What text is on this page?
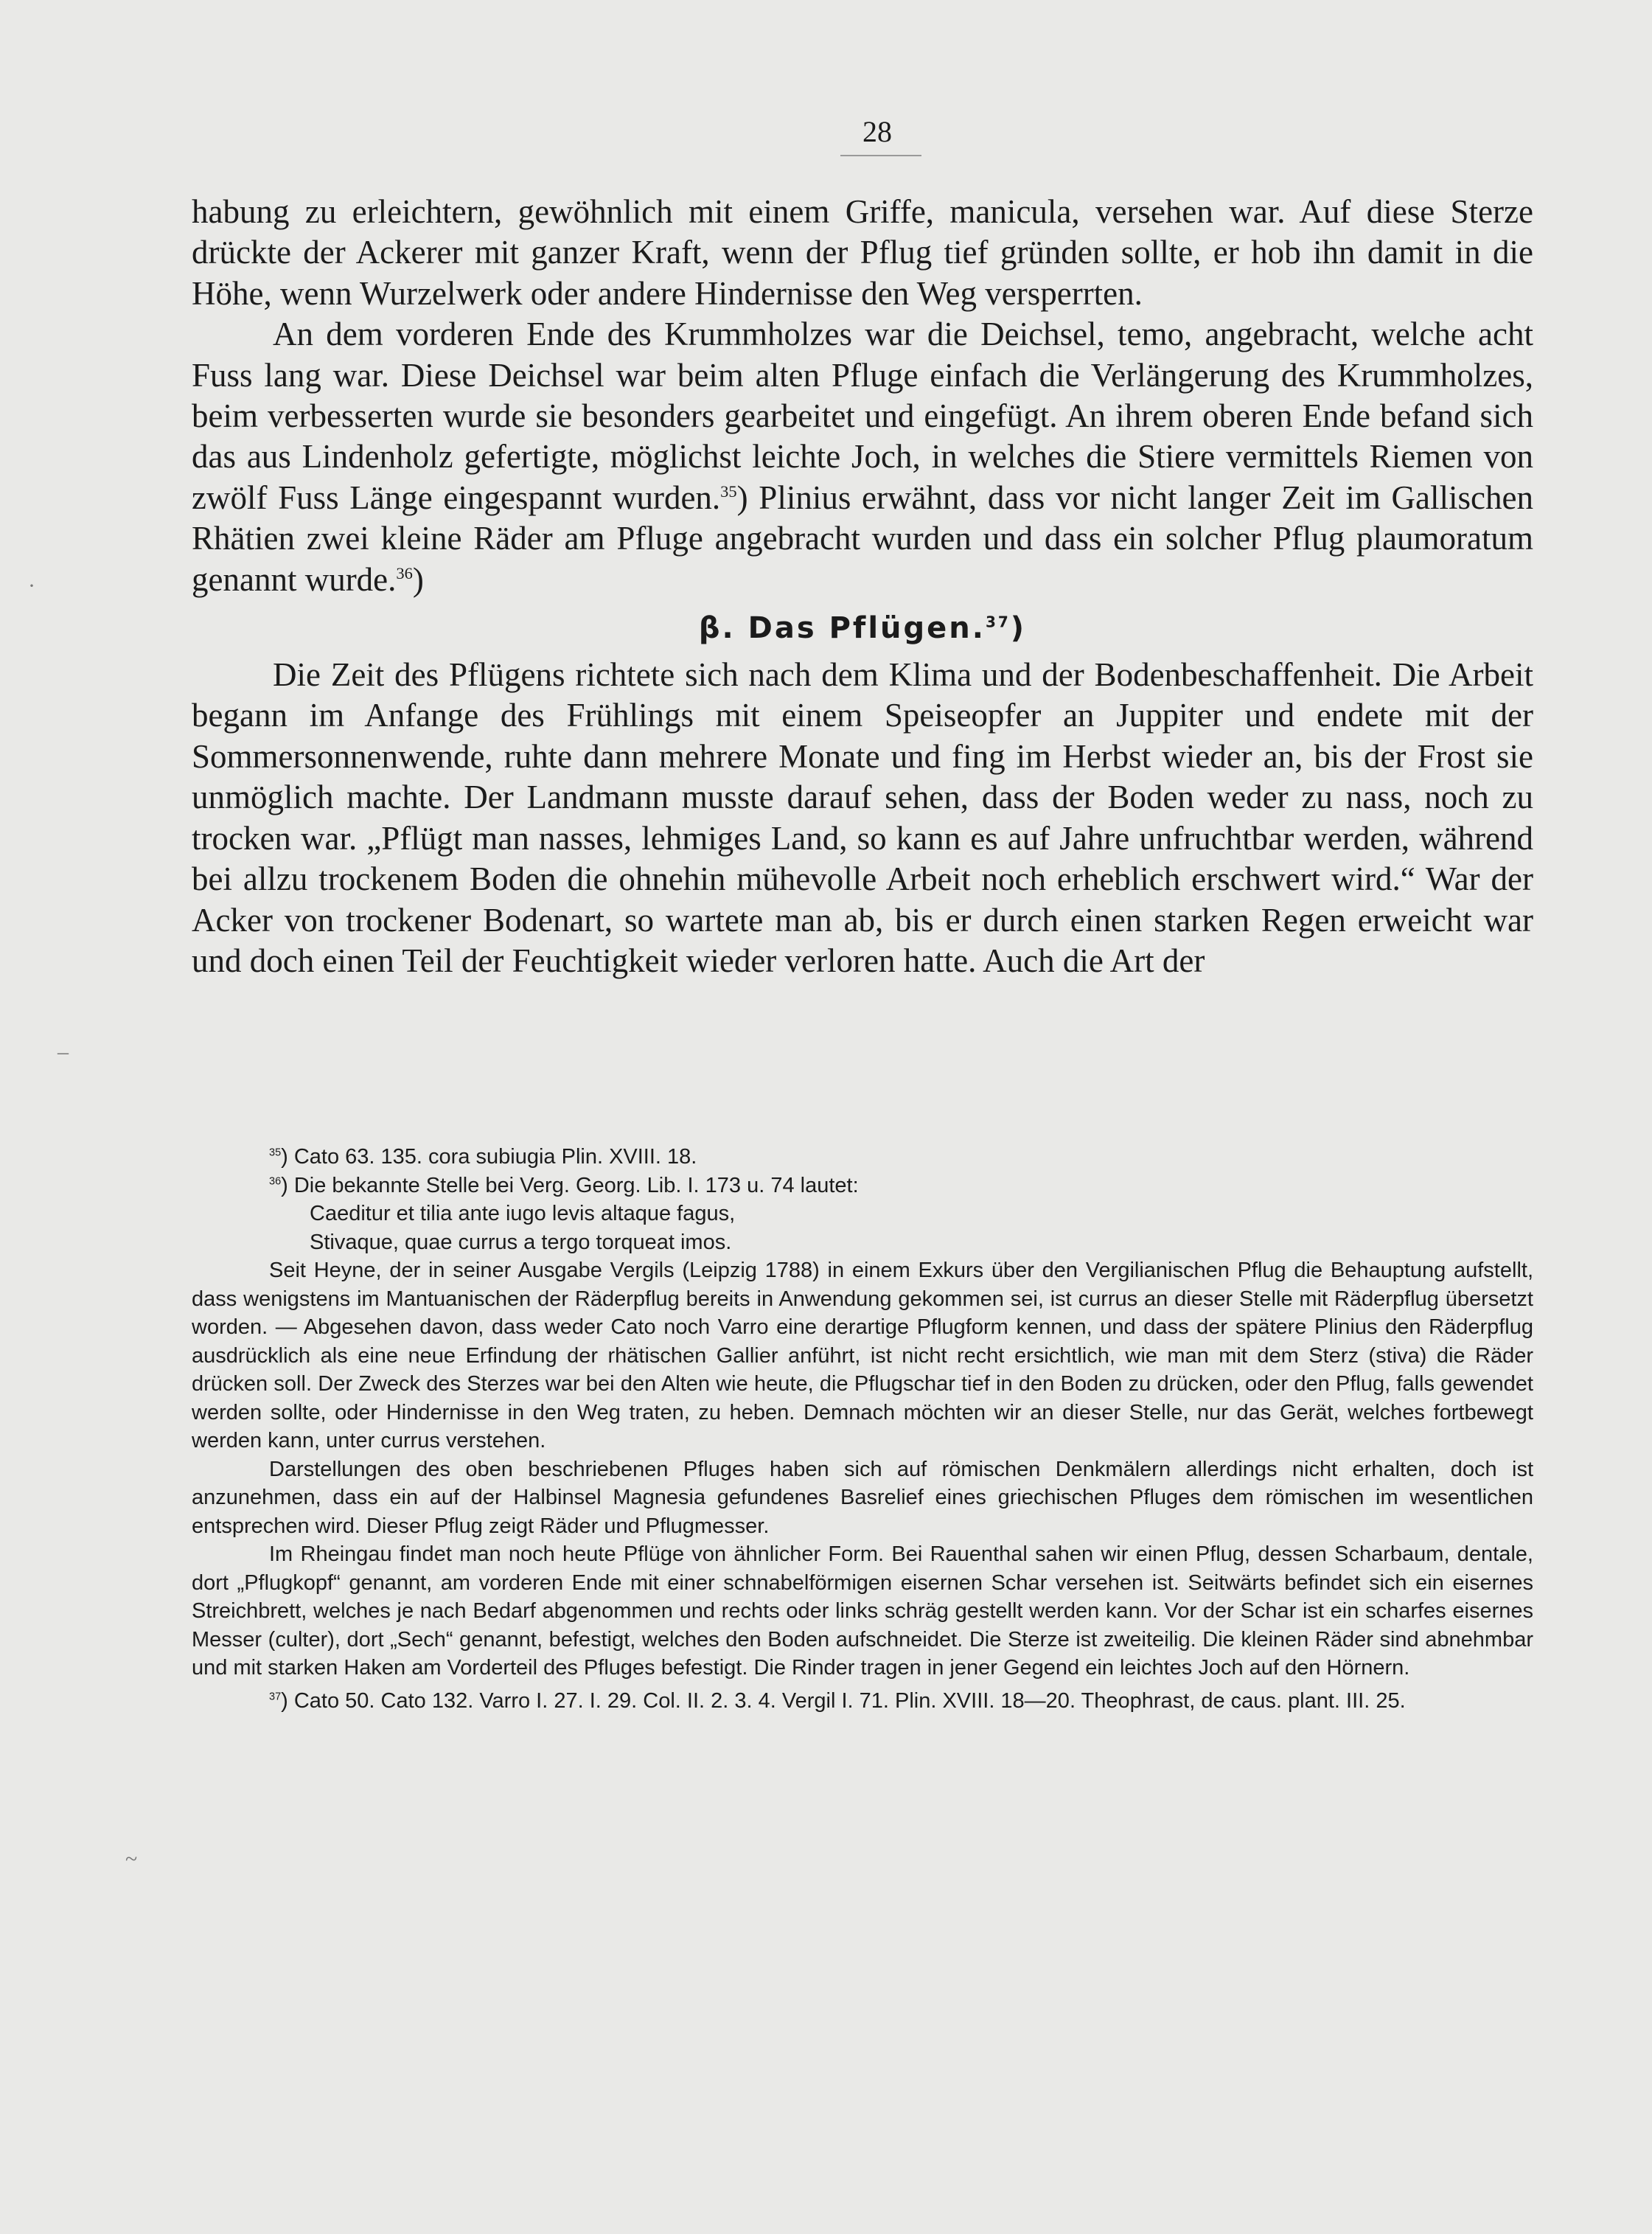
28
·
–
~

habung zu erleichtern, gewöhnlich mit einem Griffe, manicula, versehen war. Auf diese Sterze drückte der Ackerer mit ganzer Kraft, wenn der Pflug tief gründen sollte, er hob ihn damit in die Höhe, wenn Wurzelwerk oder andere Hindernisse den Weg versperrten.

An dem vorderen Ende des Krummholzes war die Deichsel, temo, angebracht, welche acht Fuss lang war. Diese Deichsel war beim alten Pfluge einfach die Verlängerung des Krummholzes, beim verbesserten wurde sie besonders gearbeitet und eingefügt. An ihrem oberen Ende befand sich das aus Lindenholz gefertigte, möglichst leichte Joch, in welches die Stiere vermittels Riemen von zwölf Fuss Länge eingespannt wurden.$^{35}$) Plinius erwähnt, dass vor nicht langer Zeit im Gallischen Rhätien zwei kleine Räder am Pfluge angebracht wurden und dass ein solcher Pflug plaumoratum genannt wurde.$^{36}$)

β. Das Pflügen.$^{37}$)

Die Zeit des Pflügens richtete sich nach dem Klima und der Bodenbeschaffenheit. Die Arbeit begann im Anfange des Frühlings mit einem Speiseopfer an Juppiter und endete mit der Sommersonnenwende, ruhte dann mehrere Monate und fing im Herbst wieder an, bis der Frost sie unmöglich machte. Der Landmann musste darauf sehen, dass der Boden weder zu nass, noch zu trocken war. „Pflügt man nasses, lehmiges Land, so kann es auf Jahre unfruchtbar werden, während bei allzu trockenem Boden die ohnehin mühevolle Arbeit noch erheblich erschwert wird.“ War der Acker von trockener Bodenart, so wartete man ab, bis er durch einen starken Regen erweicht war und doch einen Teil der Feuchtigkeit wieder verloren hatte. Auch die Art der

$^{35}$) Cato 63. 135. cora subiugia Plin. XVIII. 18.

$^{36}$) Die bekannte Stelle bei Verg. Georg. Lib. I. 173 u. 74 lautet:

Caeditur et tilia ante iugo levis altaque fagus,

Stivaque, quae currus a tergo torqueat imos.

Seit Heyne, der in seiner Ausgabe Vergils (Leipzig 1788) in einem Exkurs über den Vergilianischen Pflug die Behauptung aufstellt, dass wenigstens im Mantuanischen der Räderpflug bereits in Anwendung gekommen sei, ist currus an dieser Stelle mit Räderpflug übersetzt worden. — Abgesehen davon, dass weder Cato noch Varro eine derartige Pflugform kennen, und dass der spätere Plinius den Räderpflug ausdrücklich als eine neue Erfindung der rhätischen Gallier anführt, ist nicht recht ersichtlich, wie man mit dem Sterz (stiva) die Räder drücken soll. Der Zweck des Sterzes war bei den Alten wie heute, die Pflugschar tief in den Boden zu drücken, oder den Pflug, falls gewendet werden sollte, oder Hindernisse in den Weg traten, zu heben. Demnach möchten wir an dieser Stelle, nur das Gerät, welches fortbewegt werden kann, unter currus verstehen.

Darstellungen des oben beschriebenen Pfluges haben sich auf römischen Denkmälern allerdings nicht erhalten, doch ist anzunehmen, dass ein auf der Halbinsel Magnesia gefundenes Basrelief eines griechischen Pfluges dem römischen im wesentlichen entsprechen wird. Dieser Pflug zeigt Räder und Pflugmesser.

Im Rheingau findet man noch heute Pflüge von ähnlicher Form. Bei Rauenthal sahen wir einen Pflug, dessen Scharbaum, dentale, dort „Pflugkopf“ genannt, am vorderen Ende mit einer schnabelförmigen eisernen Schar versehen ist. Seitwärts befindet sich ein eisernes Streichbrett, welches je nach Bedarf abgenommen und rechts oder links schräg gestellt werden kann. Vor der Schar ist ein scharfes eisernes Messer (culter), dort „Sech“ genannt, befestigt, welches den Boden aufschneidet. Die Sterze ist zweiteilig. Die kleinen Räder sind abnehmbar und mit starken Haken am Vorderteil des Pfluges befestigt. Die Rinder tragen in jener Gegend ein leichtes Joch auf den Hörnern.

$^{37}$) Cato 50. Cato 132. Varro I. 27. I. 29. Col. II. 2. 3. 4. Vergil I. 71. Plin. XVIII. 18—20. Theophrast, de caus. plant. III. 25.
